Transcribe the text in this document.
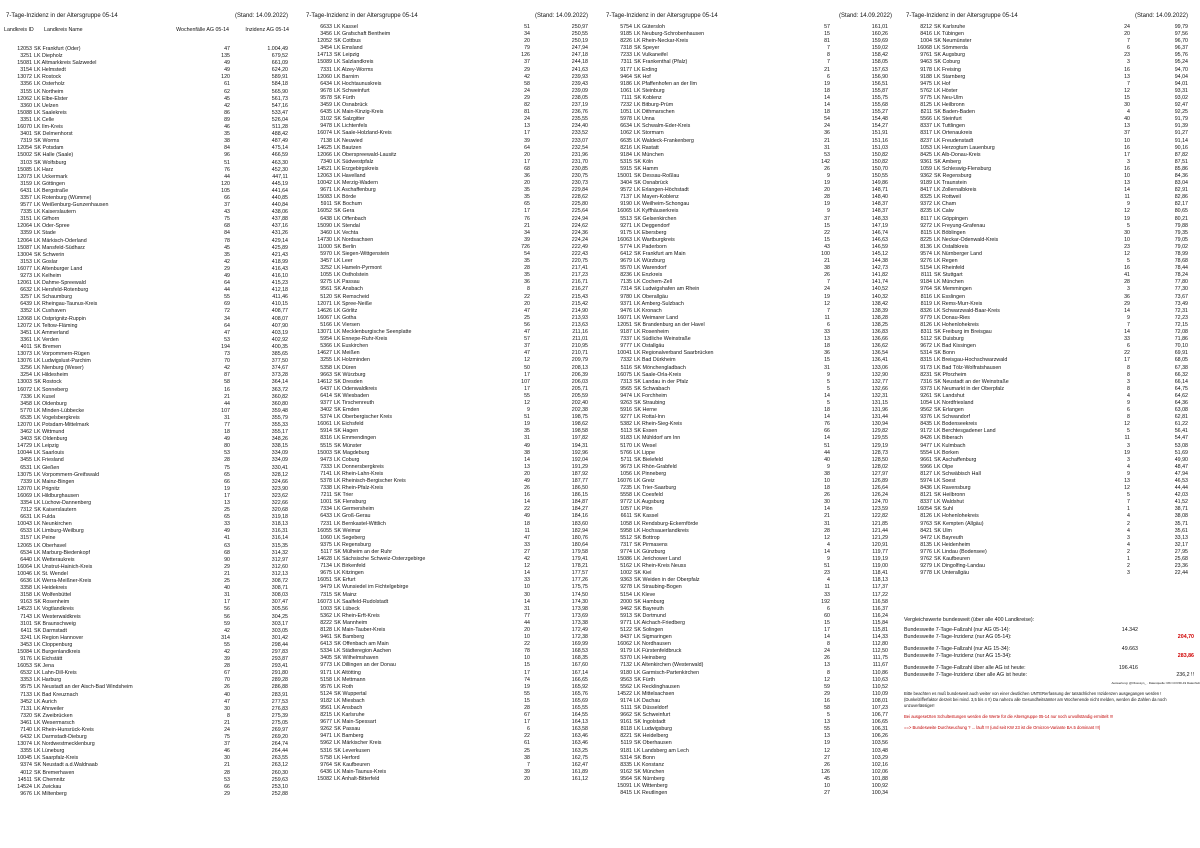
7-Tage-Inzidenz in der Altersgruppe 05-14	(Stand: 14.09.2022)
Landkreis ID	Landkreis Name	Wochenfälle AG 05-14	Inzidenz AG 05-14
12053 SK Frankfurt (Oder)	47	1.004,49
3251 LK Diepholz	135	679,52
15081 LK Altmarkkreis Salzwedel	49	661,09
3154 LK Helmstedt	49	624,20
13072 LK Rostock	120	589,91
3356 LK Osterholz	61	584,18
3155 LK Northeim	62	565,90
12062 LK Elbe-Elster	45	561,73
3360 LK Uelzen	42	547,16
15088 LK Saalekreis	86	533,47
3351 LK Celle	89	526,04
16070 LK Ilm-Kreis	46	511,28
3401 SK Delmenhorst	35	488,42
7319 SK Worms	38	487,49
12054 SK Potsdam	84	475,14
15002 SK Halle (Saale)	96	466,59
3103 SK Wolfsburg	51	463,30
15085 LK Harz	76	452,30
12073 LK Uckermark	44	447,11
3159 LK Göttingen	120	445,19
6431 LK Bergstraße	105	441,64
3357 LK Rotenburg (Wümme)	66	440,85
9577 LK Weißenburg-Gunzenhausen	37	440,84
7335 LK Kaiserslautern	43	438,06
3151 LK Gifhorn	75	437,88
12064 LK Oder-Spree	68	437,16
3359 LK Stade	84	431,26
12064 LK Märkisch-Oderland	78	429,14
15087 LK Mansfeld-Südharz	45	425,89
13004 SK Schwerin	35	421,43
3153 LK Goslar	42	418,99
16077 LK Altenburger Land	29	416,43
9273 LK Kelheim	49	416,10
12061 LK Dahme-Spreewald	64	415,23
6632 LK Hersfeld-Rotenburg	44	412,18
3257 LK Schaumburg	55	411,46
6439 LK Rheingau-Taunus-Kreis	69	410,15
3352 LK Cuxhaven	72	408,77
12068 LK Ostprignitz-Ruppin	34	408,07
12072 LK Teltow-Fläming	64	407,90
3451 LK Ammerland	47	403,19
3361 LK Verden	53	402,92
4011 SK Bremen	194	400,35
13073 LK Vorpommern-Rügen	73	385,65
13076 LK Ludwigslust-Parchim	70	377,50
3256 LK Nienburg (Weser)	42	374,67
3254 LK Hildesheim	87	373,28
13003 SK Rostock	58	364,14
16072 LK Sonneberg	16	363,72
7336 LK Kusel	21	360,82
3458 LK Oldenburg	44	360,80
5770 LK Minden-Lübbecke	107	359,48
6535 LK Vogelsbergkreis	31	355,79
12070 LK Potsdam-Mittelmark	77	355,33
3462 LK Wittmund	18	355,17
3403 SK Oldenburg	49	348,26
14729 LK Leipzig	80	338,15
10044 LK Saarlouis	53	334,09
3455 LK Friesland	28	334,09
6531 LK Gießen	75	330,41
13075 LK Vorpommern-Greifswald	65	328,12
7339 LK Mainz-Bingen	66	324,66
12070 LK Prignitz	19	323,90
16069 LK Hildburghausen	17	323,62
3354 LK Lüchow-Dannenberg	13	322,66
7312 SK Kaiserslautern	25	320,68
6631 LK Fulda	65	319,18
10043 LK Neunkirchen	33	318,13
6533 LK Limburg-Weilburg	49	316,31
3157 LK Peine	41	316,14
12065 LK Oberhavel	63	315,35
6534 LK Marburg-Biedenkopf	68	314,32
6440 LK Wetteraukreis	90	312,97
16064 LK Unstrut-Hainich-Kreis	29	312,60
10046 LK St. Wendel	21	312,13
6636 LK Werra-Meißner-Kreis	25	308,72
3358 LK Heidekreis	40	308,71
3158 LK Wolfenbüttel	31	308,03
9163 SK Rosenheim	17	307,47
14523 LK Vogtlandkreis	56	305,56
7143 LK Westerwaldkreis	56	304,25
3101 SK Braunschweig	59	303,17
6411 SK Darmstadt	42	303,05
3241 LK Region Hannover	314	301,42
3453 LK Cloppenburg	55	298,44
15084 LK Burgenlandkreis	42	297,83
9176 LK Eichstätt	39	293,87
16053 SK Jena	28	293,41
6532 LK Lahn-Dill-Kreis	67	291,80
3353 LK Harburg	70	289,28
9575 LK Neustadt an der Aisch-Bad Windsheim	26	286,88
7133 LK Bad Kreuznach	40	283,91
3452 LK Aurich	47	277,53
7131 LK Ahrweiler	30	276,83
7320 SK Zweibrücken	8	275,39
3461 LK Wesermarsch	21	275,05
7140 LK Rhein-Hunsrück-Kreis	24	269,97
6432 LK Darmstadt-Dieburg	75	269,20
13074 LK Nordwestmecklenburg	37	264,74
3355 LK Lüneburg	46	264,44
10045 LK Saarpfalz-Kreis	30	263,55
9374 SK Neustadt a.d.Waldnaab	21	263,12
4012 SK Bremerhaven	28	260,30
14511 SK Chemnitz	53	259,63
14524 LK Zwickau	66	253,10
9676 LK Miltenberg	29	252,88
7-Tage-Inzidenz in der Altersgruppe 05-14	(Stand: 14.09.2022)
6633 LK Kassel	51	250,97
3456 LK Grafschaft Bentheim	34	250,55
12052 SK Cottbus	20	250,19
3454 LK Emsland	79	247,94
14713 SK Leipzig	126	247,18
15089 LK Salzlandkreis	37	244,18
7331 LK Alzey-Worms	29	241,63
12060 LK Barnim	42	239,93
6434 LK Hochtaunuskreis	58	239,43
9678 LK Schweinfurt	24	239,09
9578 SK Fürth	29	238,05
3459 LK Osnabrück	82	237,19
6435 LK Main-Kinzig-Kreis	81	236,76
3102 SK Salzgitter	24	235,55
9478 LK Lichtenfels	13	234,40
16074 LK Saale-Holzland-Kreis	17	233,52
7138 LK Neuwied	39	233,07
14625 LK Bautzen	64	232,54
12066 LK Oberspreewald-Lausitz	20	231,96
7340 LK Südwestpfalz	17	231,70
14521 LK Erzgebirgskreis	68	230,85
12063 LK Havelland	36	230,75
10042 LK Merzig-Wadern	20	230,73
9671 LK Aschaffenburg	35	229,84
15083 LK Börde	35	228,62
5911 SK Bochum	65	225,80
16052 SK Gera	17	225,64
6438 LK Offenbach	76	224,94
15090 LK Stendal	21	224,62
3460 LK Vechta	34	224,36
14730 LK Nordsachsen	39	224,24
11000 SK Berlin	726	222,49
5970 LK Siegen-Wittgenstein	54	222,43
3457 LK Leer	35	220,75
3252 LK Hameln-Pyrmont	28	217,41
1055 LK Ostholstein	35	217,23
9275 LK Passau	36	216,71
9561 SK Ansbach	8	216,27
5120 SK Remscheid	22	215,43
12071 LK Spree-Neiße	20	215,42
14626 LK Görlitz	47	214,90
16067 LK Gotha	25	213,93
5166 LK Viersen	56	213,63
13071 LK Mecklenburgische Seenplatte	47	211,16
5954 LK Ennepe-Ruhr-Kreis	57	211,01
5366 LK Euskirchen	37	210,95
14627 LK Meißen	47	210,71
3255 LK Holzminden	12	209,79
5358 LK Düren	50	208,13
9663 SK Würzburg	17	206,39
14612 SK Dresden	107	206,03
6437 LK Odenwaldkreis	17	205,71
6414 SK Wiesbaden	55	205,59
9377 LK Tirschenreuth	12	202,40
3402 SK Emden	9	202,38
5374 LK Oberbergischer Kreis	51	198,75
16061 LK Eichsfeld	19	198,62
5914 SK Hagen	35	198,58
8316 LK Emmendingen	31	197,82
5515 SK Münster	49	194,31
15003 SK Magdeburg	38	192,96
9473 LK Coburg	14	192,04
7333 LK Donnersbergkreis	13	191,29
7141 LK Rhein-Lahn-Kreis	20	187,92
5378 LK Rheinisch-Bergischer Kreis	49	187,77
7338 LK Rhein-Pfalz-Kreis	26	186,50
7211 SK Trier	16	186,15
1001 SK Flensburg	14	184,87
7334 LK Germersheim	22	184,27
6433 LK Groß-Gerau	49	184,16
7231 LK Bernkastel-Wittlich	18	183,60
16055 SK Weimar	11	182,94
1060 LK Segeberg	47	180,76
9375 LK Regensburg	33	180,64
5117 SK Mülheim an der Ruhr	27	179,58
14628 LK Sächsische Schweiz-Osterzgebirge	42	179,41
7134 LK Birkenfeld	12	178,21
9675 LK Kitzingen	14	177,57
16051 SK Erfurt	33	177,26
9479 LK Wunsiedel im Fichtelgebirge	10	175,75
7315 SK Mainz	30	174,50
16073 LK Saalfeld-Rudolstadt	14	174,30
1003 SK Lübeck	31	173,98
5362 LK Rhein-Erft-Kreis	77	173,69
8222 SK Mannheim	44	173,38
8128 LK Main-Tauber-Kreis	20	172,49
9461 SK Bamberg	10	172,38
6413 SK Offenbach am Main	22	169,99
5334 LK Städteregion Aachen	78	168,53
3405 SK Wilhelmshaven	10	168,35
9773 LK Dillingen an der Donau	15	167,60
9171 LK Altötting	17	167,14
5158 LK Mettmann	74	166,65
9576 LK Roth	19	165,92
5124 SK Wuppertal	55	165,76
9182 LK Miesbach	15	165,69
9561 LK Ansbach	28	165,55
8215 LK Karlsruhe	67	164,55
9677 LK Main-Spessart	17	164,13
9262 SK Passau	6	163,58
9471 LK Bamberg	22	163,46
5962 LK Märkischer Kreis	61	163,46
5316 SK Leverkusen	25	163,25
5758 LK Herford	38	162,75
9764 SK Kaufbeuren	7	162,47
6436 LK Main-Taunus-Kreis	39	161,89
15082 LK Anhalt-Bitterfeld	20	161,12
7-Tage-Inzidenz in der Altersgruppe 05-14	(Stand: 14.09.2022)
5754 LK Gütersloh	57	161,01
9185 LK Neuburg-Schrobenhausen	15	160,26
8226 LK Rhein-Neckar-Kreis	81	159,69
7318 SK Speyer	7	159,02
7233 LK Vulkaneifel	8	158,42
7311 SK Frankenthal (Pfalz)	7	158,05
9177 LK Erding	21	157,63
9464 SK Hof	6	156,90
9186 LK Pfaffenhofen an der Ilm	19	156,51
1061 LK Steinburg	18	155,87
7111 SK Koblenz	14	155,75
7232 LK Bitburg-Prüm	14	155,68
1051 LK Dithmarschen	18	155,27
5978 LK Unna	54	154,48
6634 LK Schwalm-Eder-Kreis	24	154,27
1062 LK Stormarn	36	151,91
6635 LK Waldeck-Frankenberg	21	151,16
8216 LK Rastatt	31	151,03
9184 LK München	53	150,82
5315 SK Köln	142	150,82
5915 SK Hamm	26	150,70
15001 SK Dessau-Roßlau	9	150,55
3404 SK Osnabrück	19	149,86
9572 LK Erlangen-Höchstadt	20	148,71
7137 LK Mayen-Koblenz	28	148,40
9190 LK Weilheim-Schongau	19	148,37
16065 LK Kyffhäuserkreis	9	148,37
5513 SK Gelsenkirchen	37	148,33
9271 LK Deggendorf	15	147,19
9175 LK Ebersberg	22	146,74
16063 LK Wartburgkreis	15	146,63
5774 LK Paderborn	43	146,59
6412 SK Frankfurt am Main	100	145,12
9679 LK Würzburg	21	144,38
5570 LK Warendorf	38	142,73
8236 LK Enzkreis	26	141,82
7135 LK Cochem-Zell	7	141,74
7314 SK Ludwigshafen am Rhein	24	140,52
9780 LK Oberallgäu	19	140,32
9371 LK Amberg-Sulzbach	12	138,42
9476 LK Kronach	7	138,39
16071 LK Weimarer Land	11	138,28
12051 SK Brandenburg an der Havel	6	138,25
9187 LK Rosenheim	33	136,83
7337 LK Südliche Weinstraße	13	136,66
9777 LK Ostallgäu	18	136,62
10041 LK Regionalverband Saarbrücken	36	136,54
7332 LK Bad Dürkheim	15	136,41
5116 SK Mönchengladbach	31	133,06
16075 LK Saale-Orla-Kreis	9	132,90
7313 SK Landau in der Pfalz	5	132,77
9565 SK Schwabach	5	132,66
9474 LK Forchheim	14	132,31
9263 SK Straubing	5	131,15
5916 SK Herne	18	131,96
9277 LK Rottal-Inn	14	131,44
5382 LK Rhein-Sieg-Kreis	76	130,94
5113 SK Essen	66	129,82
9183 LK Mühldorf am Inn	14	129,55
5170 LK Wesel	51	129,19
5766 LK Lippe	44	128,73
5711 SK Bielefeld	40	128,50
9673 LK Rhön-Grabfeld	9	128,02
1056 LK Pinneberg	38	127,97
16076 LK Greiz	10	126,89
7235 LK Trier-Saarburg	18	126,64
5558 LK Coesfeld	26	126,24
9772 LK Augsburg	30	124,70
1057 LK Plön	14	123,59
6611 SK Kassel	21	122,82
1058 LK Rendsburg-Eckernförde	31	121,85
5958 LK Hochsauerlandkreis	28	121,44
5512 SK Bottrop	12	121,29
7317 SK Pirmasens	4	120,91
9774 LK Günzburg	14	119,77
15086 LK Jerichower Land	9	119,19
5162 LK Rhein-Kreis Neuss	51	119,00
1002 SK Kiel	23	118,41
9363 SK Weiden in der Oberpfalz	4	118,13
9278 LK Straubing-Bogen	11	117,37
5154 LK Kleve	33	117,22
2000 SK Hamburg	192	116,58
9462 SK Bayreuth	6	116,37
5913 SK Dortmund	60	116,24
9771 LK Aichach-Friedberg	15	115,84
5122 SK Solingen	17	115,81
8437 LK Sigmaringen	14	114,33
16062 LK Nordhausen	8	112,80
9179 LK Fürstenfeldbruck	24	112,50
5370 LK Heinsberg	26	111,75
7132 LK Altenkirchen (Westerwald)	13	111,67
9180 LK Garmisch-Partenkirchen	8	110,86
9563 SK Fürth	12	110,63
5562 LK Recklinghausen	59	110,52
14522 LK Mittelsachsen	29	110,09
9174 LK Dachau	16	108,01
5111 SK Düsseldorf	58	107,23
9662 SK Schweinfurt	5	106,77
9161 SK Ingolstadt	13	106,65
8118 LK Ludwigsburg	55	106,31
8221 SK Heidelberg	13	106,26
5119 SK Oberhausen	19	103,56
9181 LK Landsberg am Lech	12	103,48
5314 SK Bonn	27	103,29
8335 LK Konstanz	26	102,16
9162 SK München	126	102,06
9564 SK Nürnberg	45	101,88
15091 LK Wittenberg	10	100,92
8415 LK Reutlingen	27	100,34
7-Tage-Inzidenz in der Altersgruppe 05-14	(Stand: 14.09.2022)
8212 SK Karlsruhe	24	99,79
8416 LK Tübingen	20	97,56
1004 SK Neumünster	7	96,70
16068 LK Sömmerda	6	96,37
9761 SK Augsburg	23	95,76
9463 SK Coburg	3	95,24
9178 LK Freising	16	94,70
9188 LK Starnberg	13	94,04
9475 LK Hof	7	94,01
5762 LK Höxter	12	93,31
9775 LK Neu-Ulm	15	93,02
8125 LK Heilbronn	30	92,47
8211 SK Baden-Baden	4	92,25
5566 LK Steinfurt	40	91,79
8337 LK Tuttlingen	13	91,39
8317 LK Ortenaukreis	37	91,27
8237 LK Freudenstadt	10	91,14
1053 LK Herzogtum Lauenburg	16	90,16
8425 LK Alb-Donau-Kreis	17	87,82
9361 SK Amberg	3	87,51
1059 LK Schleswig-Flensburg	16	85,86
9362 SK Regensburg	10	84,36
9189 LK Traunstein	13	83,04
8417 LK Zollernalbkreis	14	82,91
8325 LK Rottweil	11	82,86
9372 LK Cham	9	82,17
8235 LK Calw	12	80,65
8117 LK Göppingen	19	80,21
9272 LK Freyung-Grafenau	5	79,88
8115 LK Böblingen	30	79,35
8225 LK Neckar-Odenwald-Kreis	10	79,05
8136 LK Ostalbkreis	23	79,02
9574 LK Nürnberger Land	12	78,99
9276 LK Regen	5	78,68
5154 LK Rheinfeld	16	78,44
8111 SK Stuttgart	41	78,24
9184 LK München	28	77,80
9764 SK Memmingen	3	77,30
8116 LK Esslingen	36	73,67
8119 LK Rems-Murr-Kreis	29	73,49
8326 LK Schwarzwald-Baar-Kreis	14	72,31
9779 LK Donau-Ries	9	72,23
8126 LK Hohenlohekreis	7	72,15
8311 SK Freiburg im Breisgau	14	72,08
5112 SK Duisburg	33	71,86
9672 LK Bad Kissingen	6	70,10
5314 SK Bonn	22	69,91
8315 LK Breisgau-Hochschwarzwald	17	68,05
9173 LK Bad Tölz-Wolfratshausen	8	67,38
8231 SK Pforzheim	8	66,32
7316 SK Neustadt an der Weinstraße	3	66,14
9373 LK Neumarkt in der Oberpfalz	8	64,75
9261 SK Landshut	4	64,62
1054 LK Nordfriesland	9	64,36
9562 SK Erlangen	6	63,08
9376 LK Schwandorf	8	62,81
8435 LK Bodenseekreis	12	61,22
9172 LK Berchtesgadener Land	5	56,41
8426 LK Biberach	11	54,47
9477 LK Kulmbach	3	53,08
5554 LK Borken	19	51,69
9661 SK Aschaffenburg	3	49,90
5966 LK Olpe	4	48,47
8127 LK Schwäbisch Hall	9	47,94
5974 LK Soest	13	46,53
8436 LK Ravensburg	12	44,44
8121 SK Heilbronn	5	42,03
8337 LK Waldshut	7	41,52
16054 SK Suhl	1	38,71
8126 LK Hohenlohekreis	4	38,08
9763 SK Kempten (Allgäu)	2	35,71
8421 SK Ulm	4	35,61
9472 LK Bayreuth	3	33,13
8135 LK Heidenheim	4	32,17
9776 LK Lindau (Bodensee)	2	27,95
9762 SK Kaufbeuren	1	25,68
9279 LK Dingolfing-Landau	2	23,36
9778 LK Unterallgäu	3	22,44
Vergleichswerte bundesweit (über alle 400 Landkreise):
Bundesweite 7-Tage-Fallzahl (nur AG 05-14):	14.342
Bundesweite 7-Tage-Inzidenz (nur AG 05-14):	204,70
Bundesweite 7-Tage-Fallzahl (nur AG 15-34):	49.663
Bundesweite 7-Tage-Inzidenz (nur AG 15-34):	283,86
Bundesweite 7-Tage-Fallzahl über alle AG ist heute:	196.416
Bundesweite 7-Tage-Inzidenz über alle AG ist heute:	236,2 !!
Auswertung: @OlvesLyn_ · Datenquelle: RKI COVID-19 Datenhub
Bitte beachten es muß bundesweit auch weiter von einer deutlichen UNTERerfassung der tatsächlichen Inzidenzen ausgegangen werden ! (Dunkelzifferfaktor derzeit bei mind. 3,5 bis 4 !!) Da nahezu alle Gesundheitsämter am Wochenende nicht melden, werden die Zahlen da noch unzuverlässiger!
Bei ausgesetzten Schultestungen werden die Werte für die Altersgruppe 05-14 nur noch unvollständig ermittelt !!!
==> Bundesweite Durchseuchung ? ... läuft !!! (und seit KW 23 ist die Omicron-Variante BA.5 dominant !!!)
